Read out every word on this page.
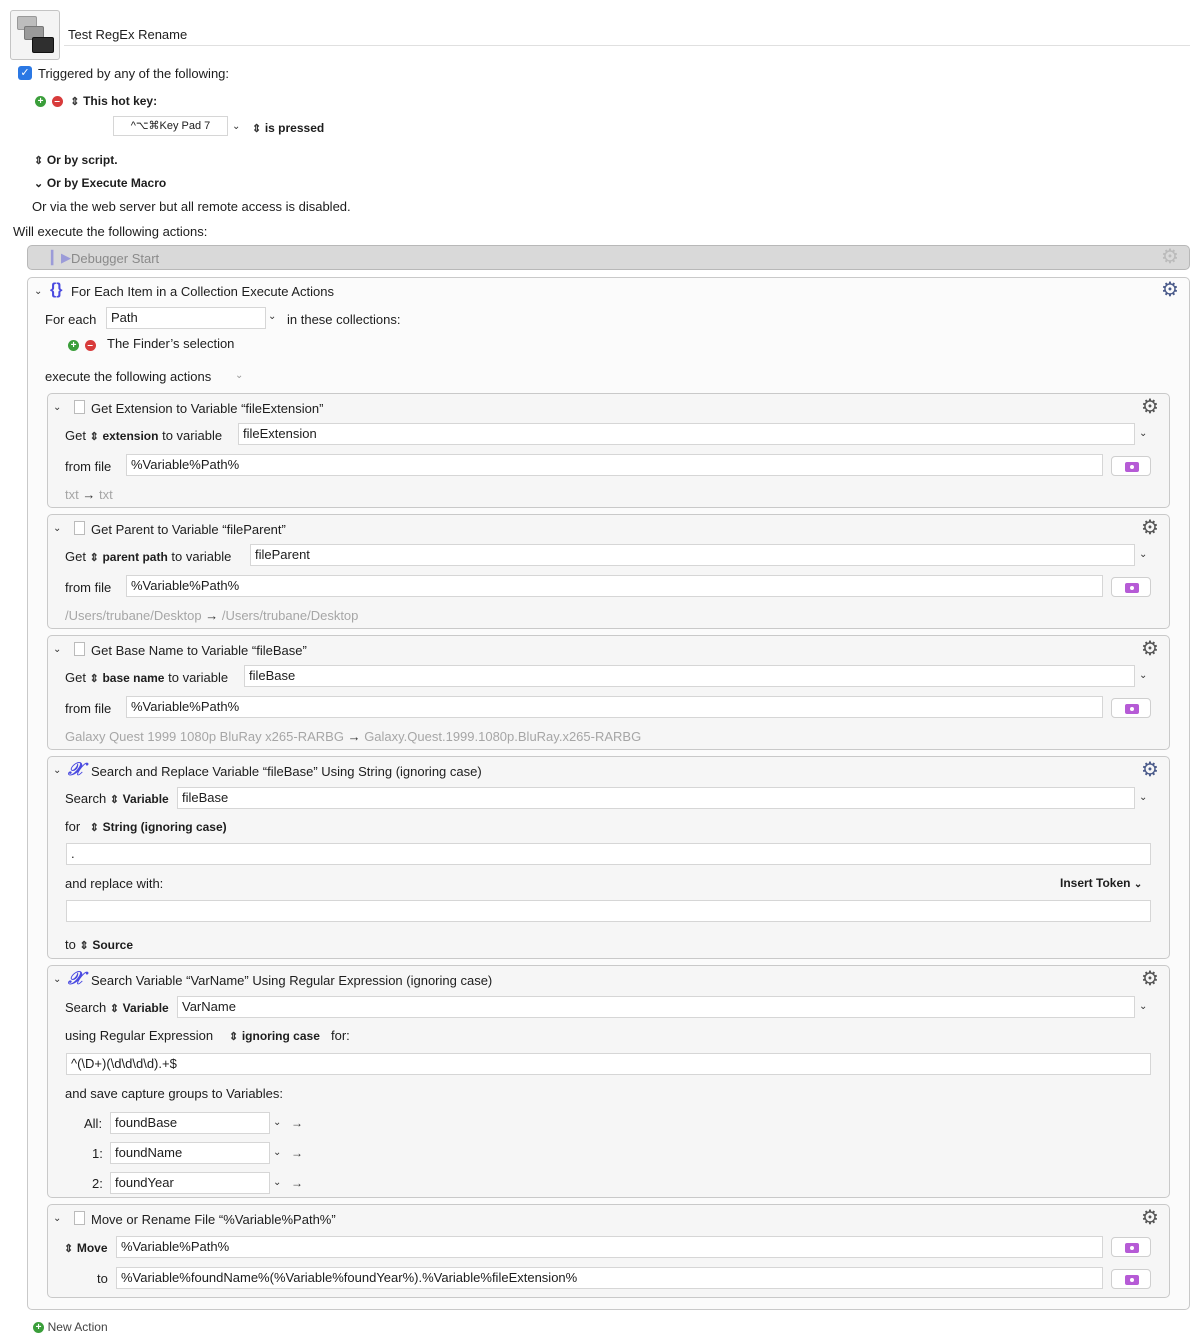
Test RegEx Rename
✓ Triggered by any of the following:
+ – ⇕ This hot key:
^⌥⌘Key Pad 7	⌄ ⇕ is pressed
⇕ Or by script.
⌄ Or by Execute Macro
Or via the web server but all remote access is disabled.
Will execute the following actions:
▎▶ Debugger Start	⚙
⌄ {} For Each Item in a Collection Execute Actions	⚙
For each	Path	⌄ in these collections:
+ – The Finder’s selection
execute the following actions ⌄
⌄ Get Extension to Variable “fileExtension”	⚙
Get ⇕ extension to variable	fileExtension	⌄
from file	%Variable%Path%
txt → txt
⌄ Get Parent to Variable “fileParent”	⚙
Get ⇕ parent path to variable	fileParent	⌄
from file	%Variable%Path%
/Users/trubane/Desktop → /Users/trubane/Desktop
⌄ Get Base Name to Variable “fileBase”	⚙
Get ⇕ base name to variable	fileBase	⌄
from file	%Variable%Path%
Galaxy Quest 1999 1080p BluRay x265-RARBG → Galaxy.Quest.1999.1080p.BluRay.x265-RARBG
⌄ 𝒳 Search and Replace Variable “fileBase” Using String (ignoring case)	⚙
Search ⇕ Variable	fileBase	⌄
for ⇕ String (ignoring case)
.
and replace with:	Insert Token ⌄
to ⇕ Source
⌄ 𝒳 Search Variable “VarName” Using Regular Expression (ignoring case)	⚙
Search ⇕ Variable	VarName	⌄
using Regular Expression ⇕ ignoring case for:
^(\D+)(\d\d\d\d).+$
and save capture groups to Variables:
All: foundBase	⌄ →
1: foundName	⌄ →
2: foundYear	⌄ →
⌄ Move or Rename File “%Variable%Path%”	⚙
⇕ Move	%Variable%Path%
to	%Variable%foundName%(%Variable%foundYear%).%Variable%fileExtension%
+ New Action
